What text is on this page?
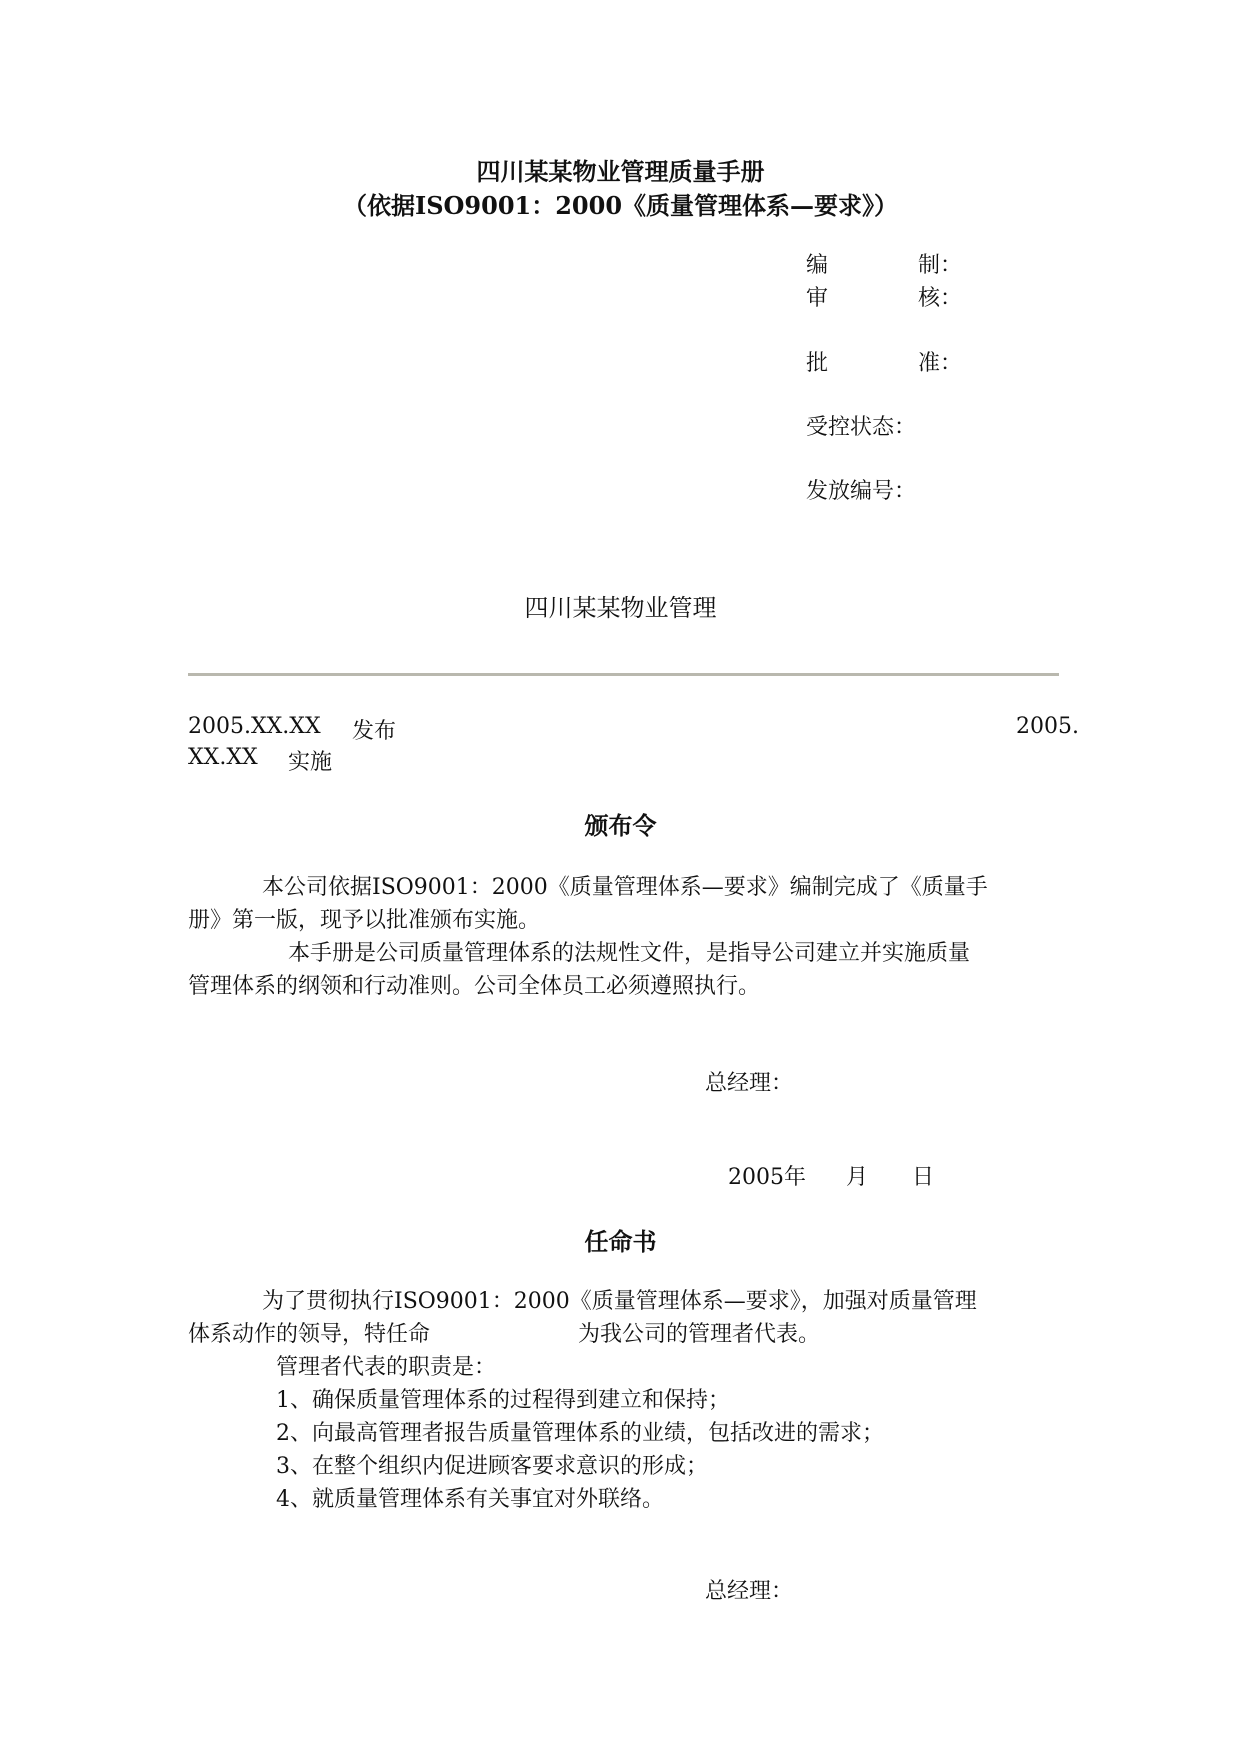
四川某某物业管理质量手册
（依据ISO9001：2000《质量管理体系—要求》）
编	制：
审	核：
批	准：
受控状态：
发放编号：
四川某某物业管理
2005.XX.XX 发布	2005.
XX.XX 实施
颁布令
本公司依据ISO9001：2000《质量管理体系—要求》编制完成了《质量手
册》第一版，现予以批准颁布实施。
本手册是公司质量管理体系的法规性文件，是指导公司建立并实施质量
管理体系的纲领和行动准则。公司全体员工必须遵照执行。
总经理：
2005年 月 日
任命书
为了贯彻执行ISO9001：2000《质量管理体系—要求》，加强对质量管理
体系动作的领导，特任命	为我公司的管理者代表。
管理者代表的职责是：
1、确保质量管理体系的过程得到建立和保持；
2、向最高管理者报告质量管理体系的业绩，包括改进的需求；
3、在整个组织内促进顾客要求意识的形成；
4、就质量管理体系有关事宜对外联络。
总经理：
